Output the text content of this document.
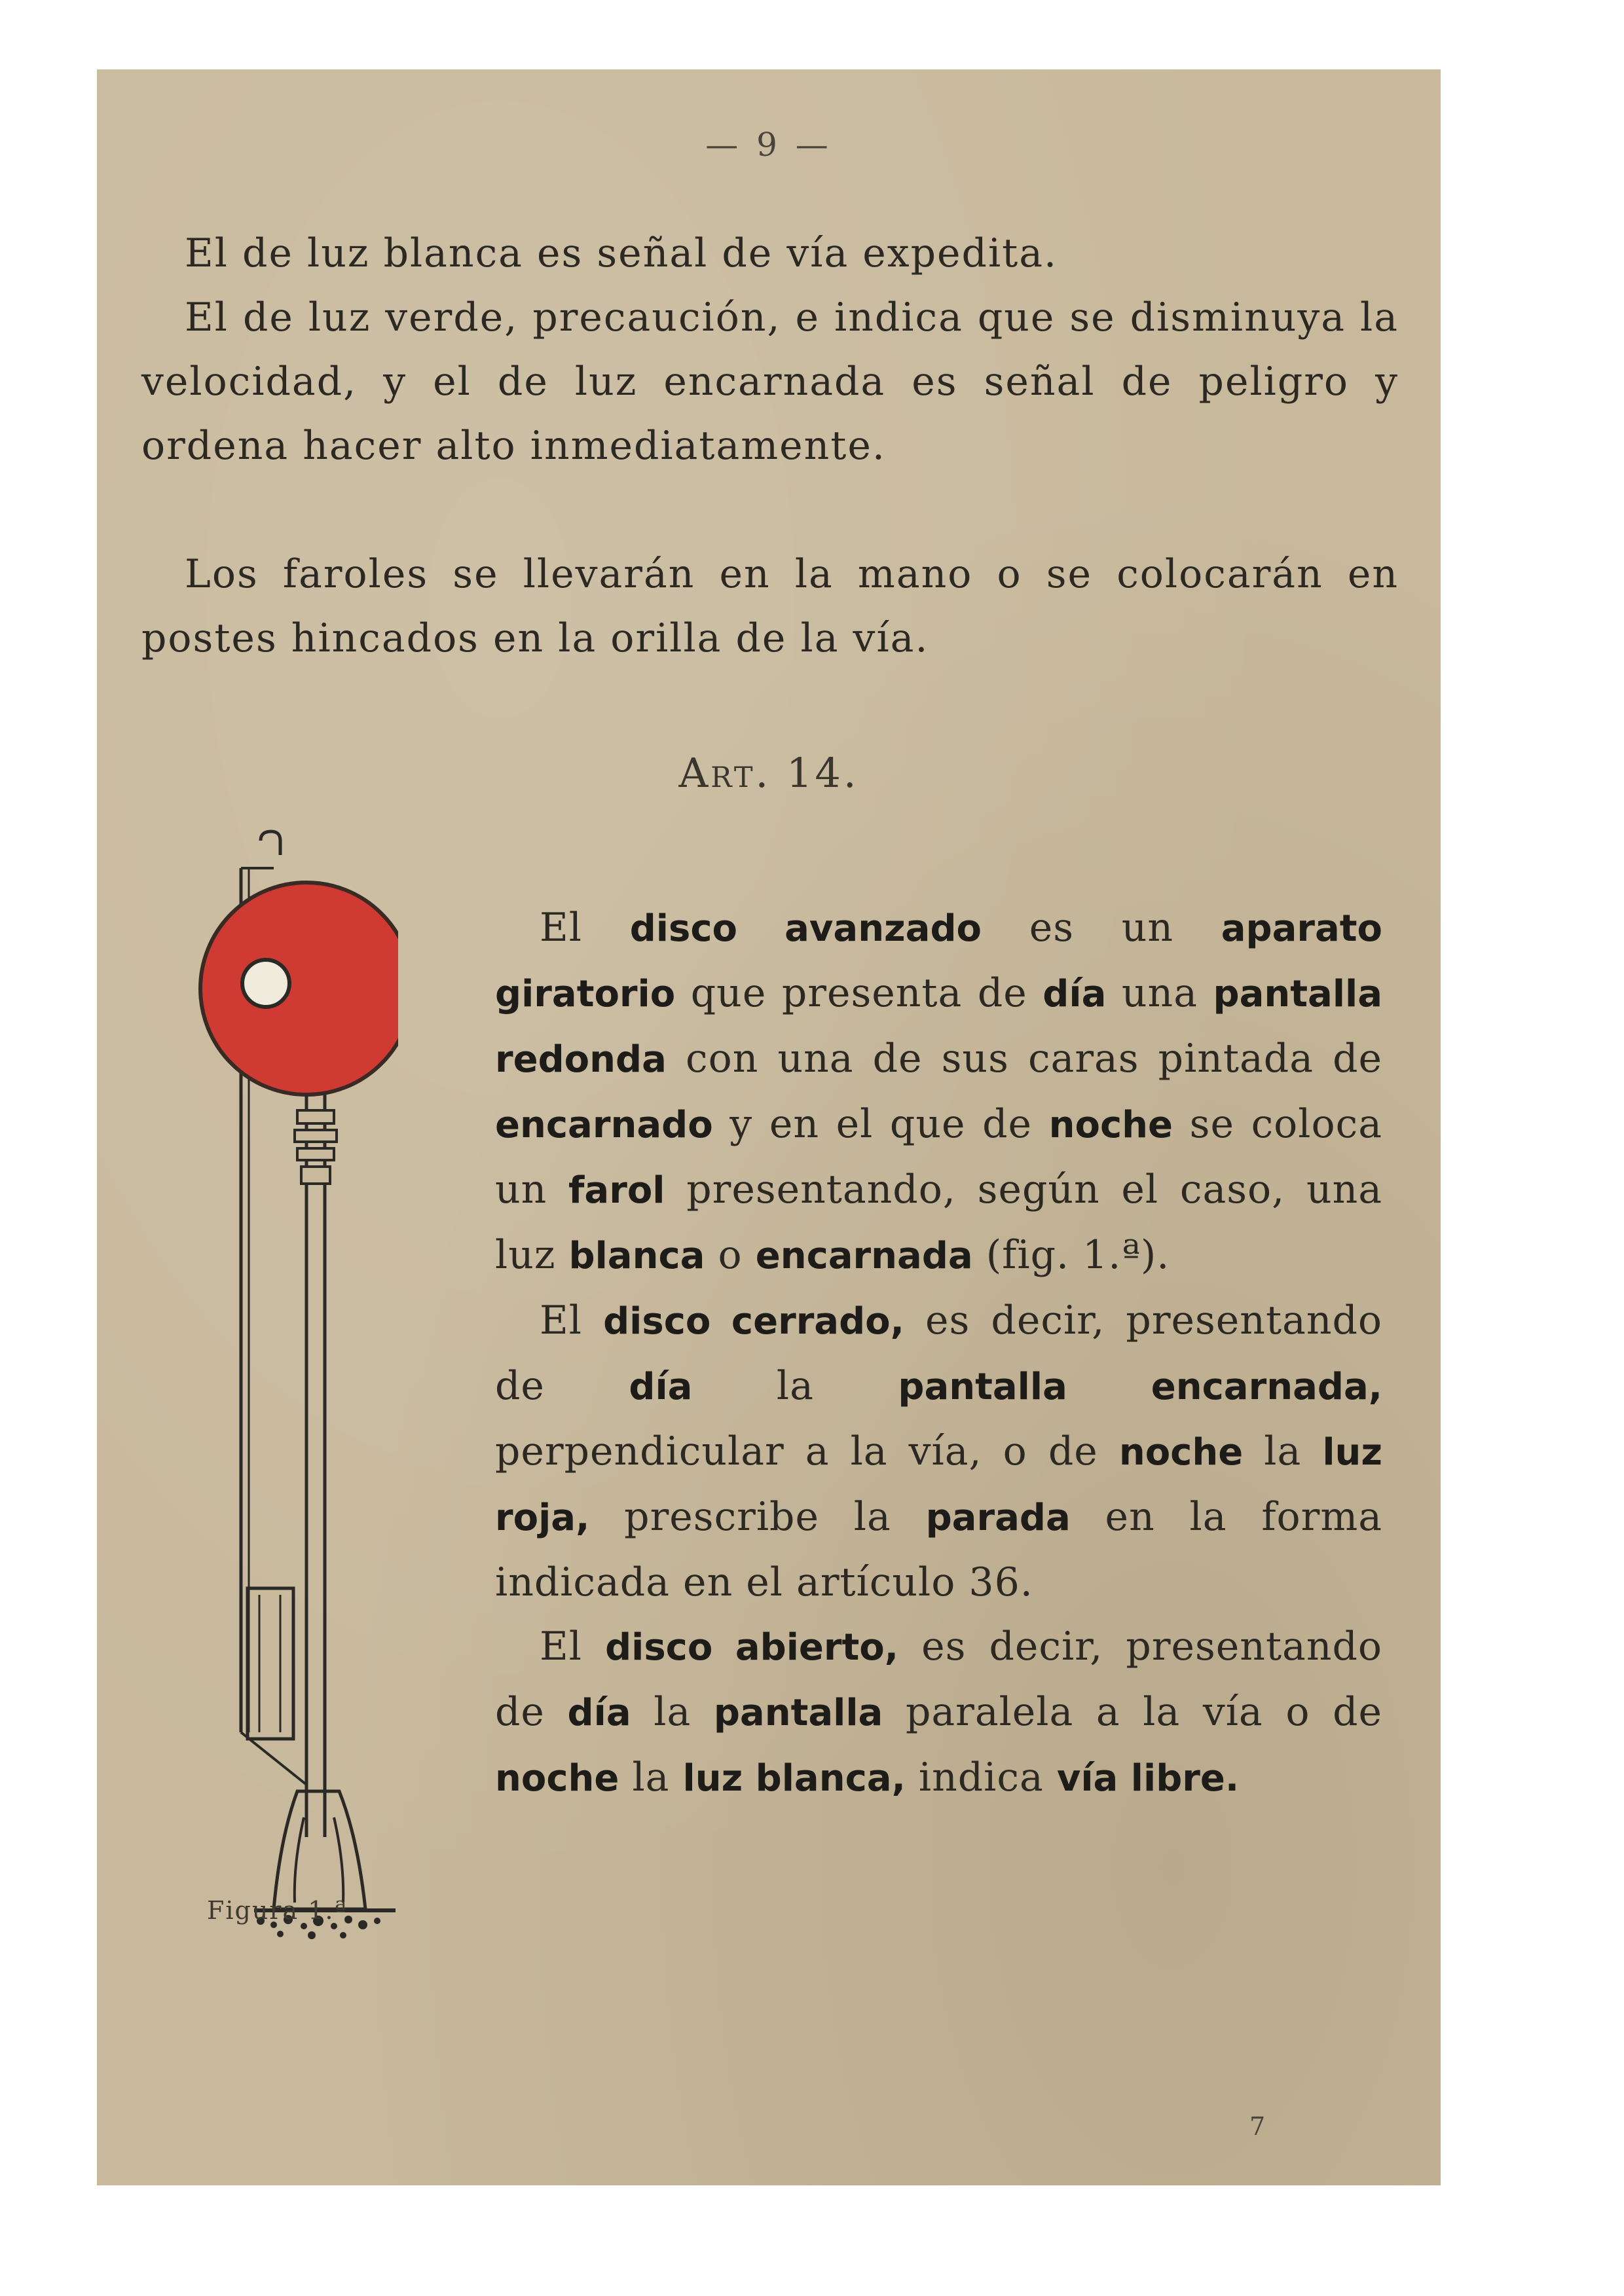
— 9 —

El de luz blanca es señal de vía expedita.

El de luz verde, precaución, e indica que se disminuya la velocidad, y el de luz encarnada es señal de peligro y ordena hacer alto inmediatamente.

Los faroles se llevarán en la mano o se colocarán en postes hincados en la orilla de la vía.

Art. 14.
Figura 1.ª

El disco avanzado es un aparato giratorio que presenta de día una pantalla redonda con una de sus caras pintada de encarnado y en el que de noche se coloca un farol presentando, según el caso, una luz blanca o encarnada (fig. 1.ª).

El disco cerrado, es decir, presentando de día la pantalla encarnada, perpendicular a la vía, o de noche la luz roja, prescribe la parada en la forma indicada en el artículo 36.

El disco abierto, es decir, presentando de día la pantalla paralela a la vía o de noche la luz blanca, indica vía libre.

7
